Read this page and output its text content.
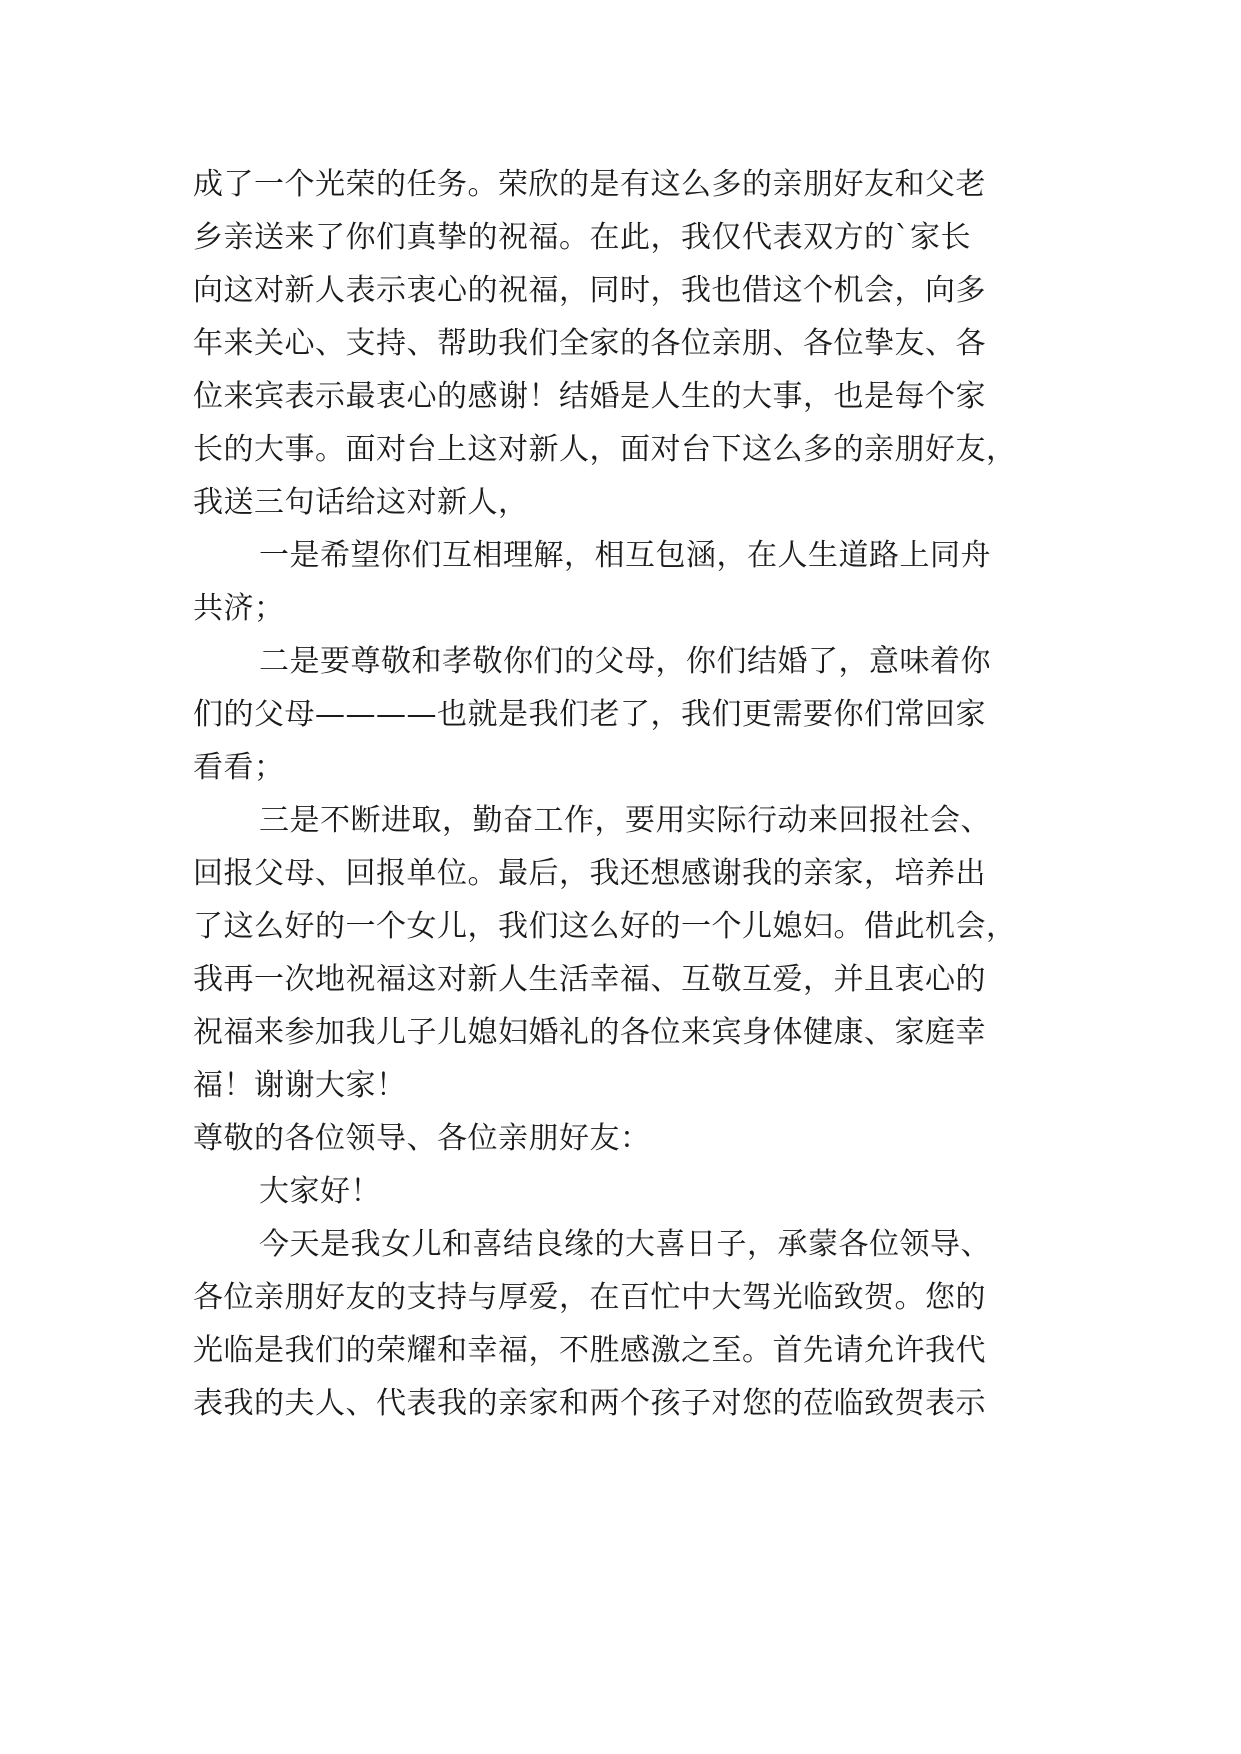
成了一个光荣的任务。荣欣的是有这么多的亲朋好友和父老
乡亲送来了你们真挚的祝福。在此，我仅代表双方的`家长
向这对新人表示衷心的祝福，同时，我也借这个机会，向多
年来关心、支持、帮助我们全家的各位亲朋、各位挚友、各
位来宾表示最衷心的感谢！结婚是人生的大事，也是每个家
长的大事。面对台上这对新人，面对台下这么多的亲朋好友，
我送三句话给这对新人，
一是希望你们互相理解，相互包涵，在人生道路上同舟
共济；
二是要尊敬和孝敬你们的父母，你们结婚了，意味着你
们的父母————也就是我们老了，我们更需要你们常回家
看看；
三是不断进取，勤奋工作，要用实际行动来回报社会、
回报父母、回报单位。最后，我还想感谢我的亲家，培养出
了这么好的一个女儿，我们这么好的一个儿媳妇。借此机会，
我再一次地祝福这对新人生活幸福、互敬互爱，并且衷心的
祝福来参加我儿子儿媳妇婚礼的各位来宾身体健康、家庭幸
福！谢谢大家！
尊敬的各位领导、各位亲朋好友：
大家好！
今天是我女儿和喜结良缘的大喜日子，承蒙各位领导、
各位亲朋好友的支持与厚爱，在百忙中大驾光临致贺。您的
光临是我们的荣耀和幸福，不胜感激之至。首先请允许我代
表我的夫人、代表我的亲家和两个孩子对您的莅临致贺表示
